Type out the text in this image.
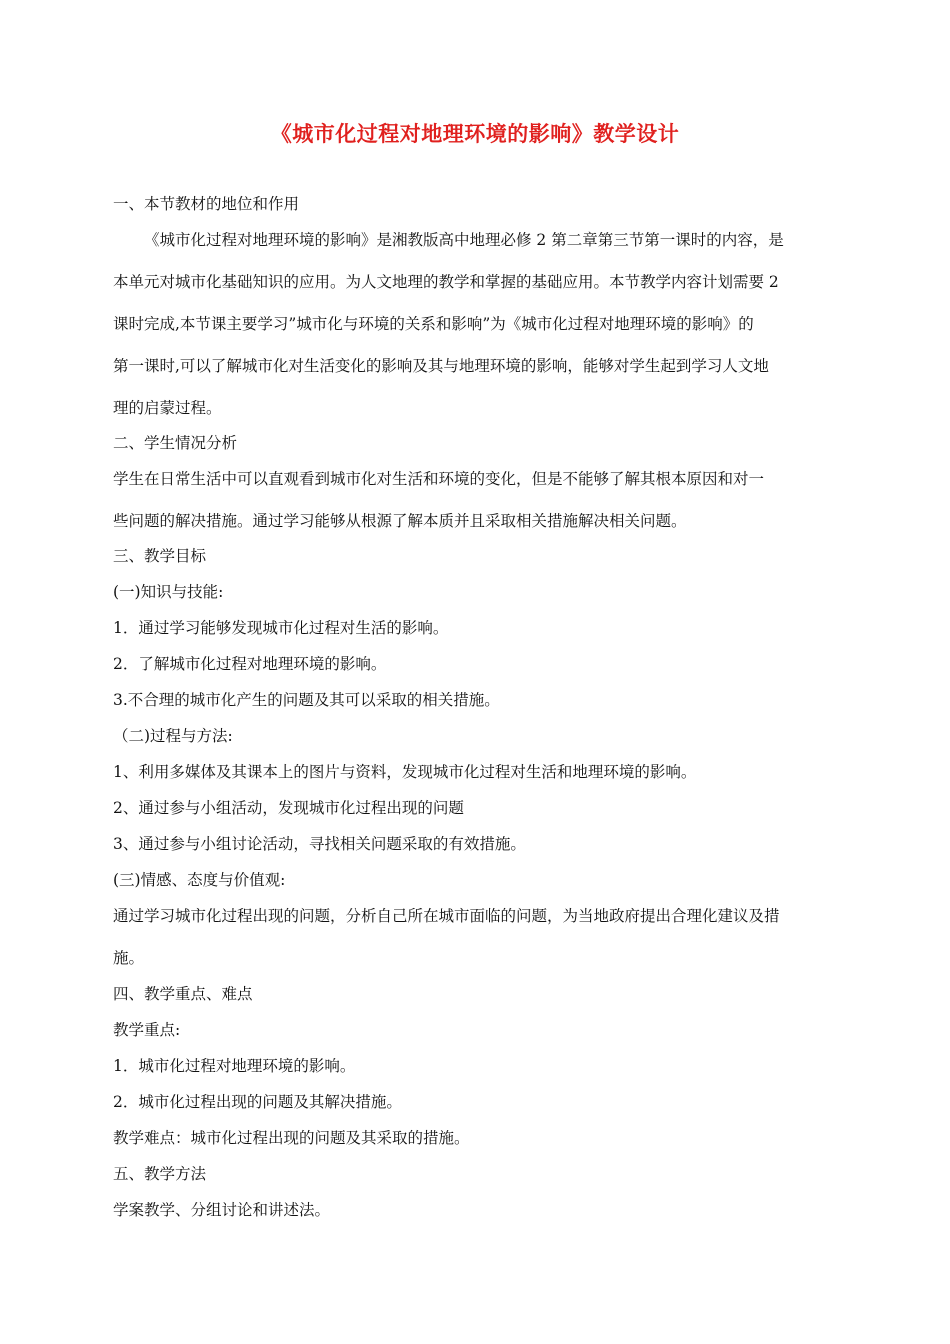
《城市化过程对地理环境的影响》教学设计
一、本节教材的地位和作用
《城市化过程对地理环境的影响》是湘教版高中地理必修 2 第二章第三节第一课时的内容，是
本单元对城市化基础知识的应用。为人文地理的教学和掌握的基础应用。本节教学内容计划需要 2
课时完成,本节课主要学习”城市化与环境的关系和影响”为《城市化过程对地理环境的影响》的
第一课时,可以了解城市化对生活变化的影响及其与地理环境的影响，能够对学生起到学习人文地
理的启蒙过程。
二、学生情况分析
学生在日常生活中可以直观看到城市化对生活和环境的变化，但是不能够了解其根本原因和对一
些问题的解决措施。通过学习能够从根源了解本质并且采取相关措施解决相关问题。
三、教学目标
(一)知识与技能:
1．通过学习能够发现城市化过程对生活的影响。
2．了解城市化过程对地理环境的影响。
3.不合理的城市化产生的问题及其可以采取的相关措施。
（二)过程与方法:
1、利用多媒体及其课本上的图片与资料，发现城市化过程对生活和地理环境的影响。
2、通过参与小组活动，发现城市化过程出现的问题
3、通过参与小组讨论活动，寻找相关问题采取的有效措施。
(三)情感、态度与价值观:
通过学习城市化过程出现的问题，分析自己所在城市面临的问题，为当地政府提出合理化建议及措
施。
四、教学重点、难点
教学重点:
1．城市化过程对地理环境的影响。
2．城市化过程出现的问题及其解决措施。
教学难点：城市化过程出现的问题及其采取的措施。
五、教学方法
学案教学、分组讨论和讲述法。
